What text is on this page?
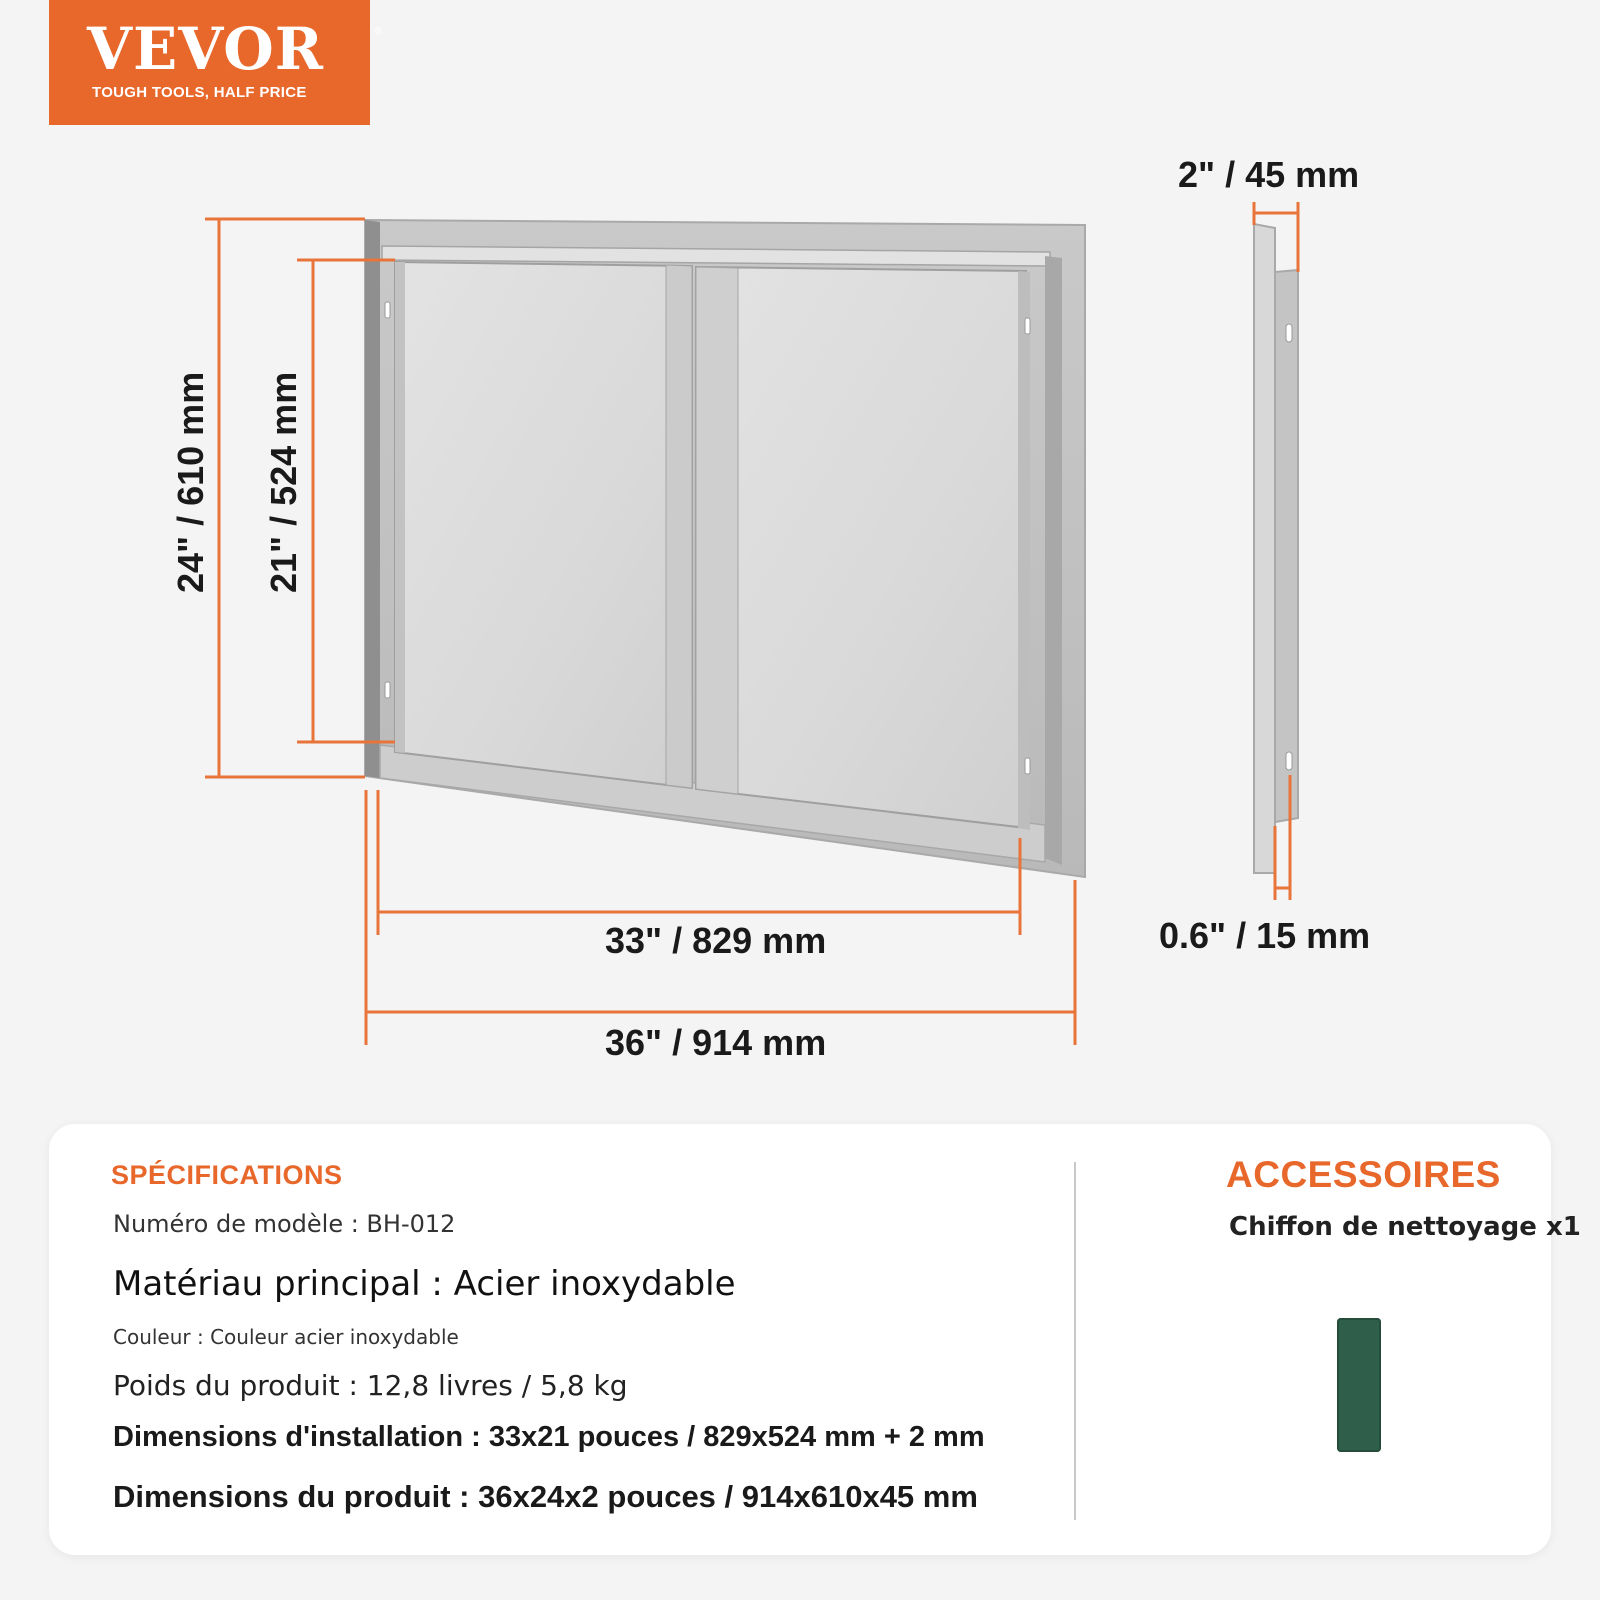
VEVOR	®
TOUGH TOOLS, HALF PRICE
24" / 610 mm 21" / 524 mm
33" / 829 mm
36" / 914 mm
2" / 45 mm
0.6" / 15 mm
SPÉCIFICATIONS
Numéro de modèle : BH-012
Matériau principal : Acier inoxydable
Couleur : Couleur acier inoxydable
Poids du produit : 12,8 livres / 5,8 kg
Dimensions d'installation : 33x21 pouces / 829x524 mm + 2 mm
Dimensions du produit : 36x24x2 pouces / 914x610x45 mm
ACCESSOIRES
Chiffon de nettoyage x1
